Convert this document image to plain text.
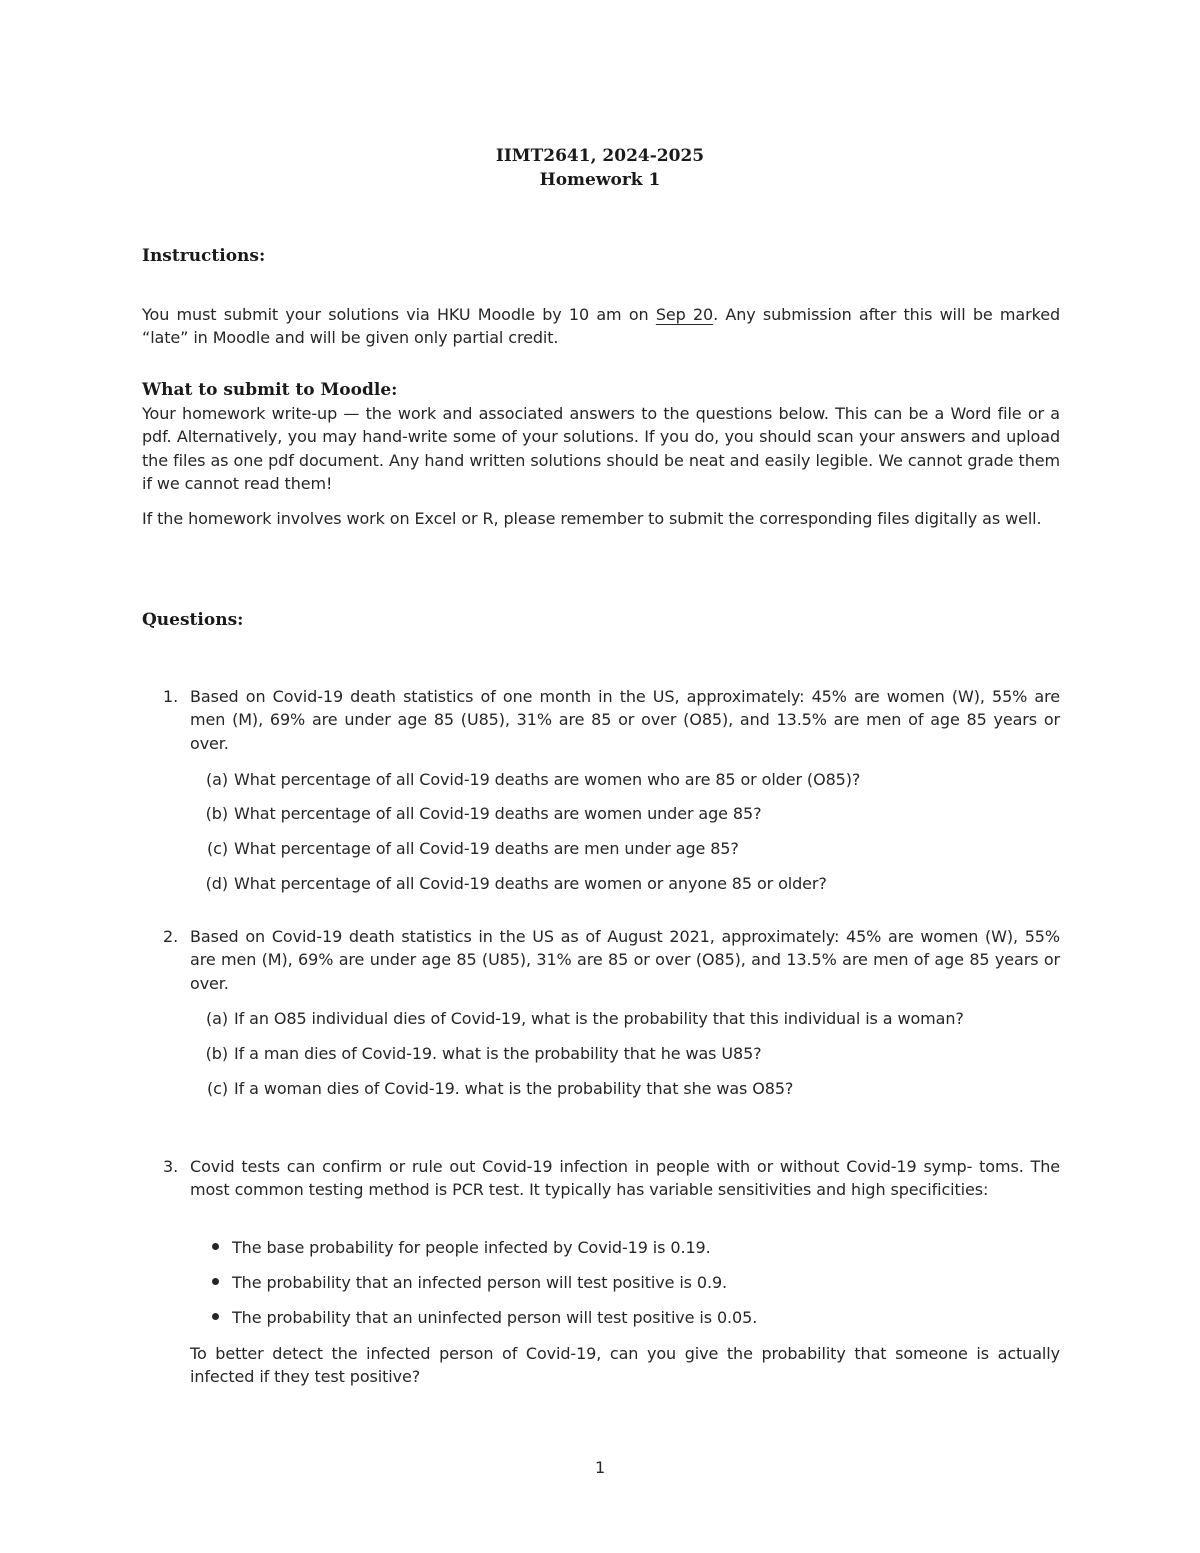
IIMT2641, 2024-2025
Homework 1
Instructions:
You must submit your solutions via HKU Moodle by 10 am on Sep 20. Any submission after this will be marked “late” in Moodle and will be given only partial credit.
What to submit to Moodle:
Your homework write-up — the work and associated answers to the questions below. This can be a Word file or a pdf. Alternatively, you may hand-write some of your solutions. If you do, you should scan your answers and upload the files as one pdf document. Any hand written solutions should be neat and easily legible. We cannot grade them if we cannot read them!
If the homework involves work on Excel or R, please remember to submit the corresponding files digitally as well.
Questions:
1. Based on Covid-19 death statistics of one month in the US, approximately: 45% are women (W), 55% are men (M), 69% are under age 85 (U85), 31% are 85 or over (O85), and 13.5% are men of age 85 years or over.
(a) What percentage of all Covid-19 deaths are women who are 85 or older (O85)?
(b) What percentage of all Covid-19 deaths are women under age 85?
(c) What percentage of all Covid-19 deaths are men under age 85?
(d) What percentage of all Covid-19 deaths are women or anyone 85 or older?
2. Based on Covid-19 death statistics in the US as of August 2021, approximately: 45% are women (W), 55% are men (M), 69% are under age 85 (U85), 31% are 85 or over (O85), and 13.5% are men of age 85 years or over.
(a) If an O85 individual dies of Covid-19, what is the probability that this individual is a woman?
(b) If a man dies of Covid-19. what is the probability that he was U85?
(c) If a woman dies of Covid-19. what is the probability that she was O85?
3. Covid tests can confirm or rule out Covid-19 infection in people with or without Covid-19 symp- toms. The most common testing method is PCR test. It typically has variable sensitivities and high specificities:
The base probability for people infected by Covid-19 is 0.19.
The probability that an infected person will test positive is 0.9.
The probability that an uninfected person will test positive is 0.05.
To better detect the infected person of Covid-19, can you give the probability that someone is actually infected if they test positive?
1
